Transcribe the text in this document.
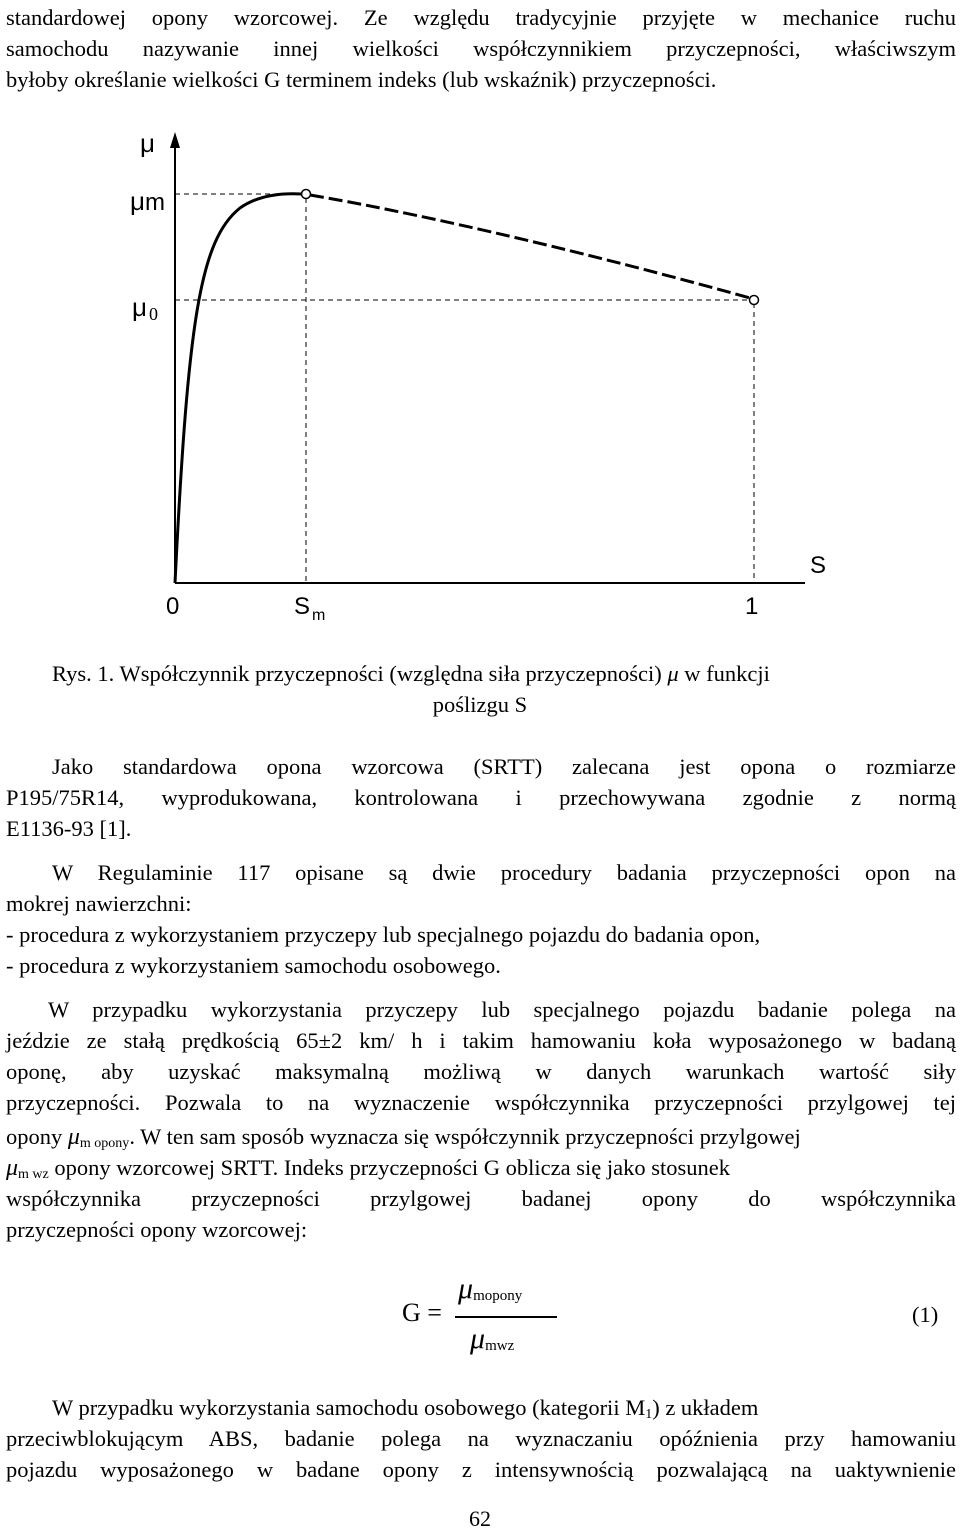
standardowej opony wzorcowej. Ze względu tradycyjnie przyjęte w mechanice ruchu
samochodu nazywanie innej wielkości współczynnikiem przyczepności, właściwszym
byłoby określanie wielkości G terminem indeks (lub wskaźnik) przyczepności.
μ
μm
μ 0
S
0	S $_m$	1
Rys. 1. Współczynnik przyczepności (względna siła przyczepności) μ w funkcji
poślizgu S
Jako standardowa opona wzorcowa (SRTT) zalecana jest opona o rozmiarze
P195/75R14, wyprodukowana, kontrolowana i przechowywana zgodnie z normą
E1136-93 [1].
W Regulaminie 117 opisane są dwie procedury badania przyczepności opon na
mokrej nawierzchni:
- procedura z wykorzystaniem przyczepy lub specjalnego pojazdu do badania opon,
- procedura z wykorzystaniem samochodu osobowego.
W przypadku wykorzystania przyczepy lub specjalnego pojazdu badanie polega na
jeździe ze stałą prędkością 65±2 km/ h i takim hamowaniu koła wyposażonego w badaną
oponę, aby uzyskać maksymalną możliwą w danych warunkach wartość siły
przyczepności. Pozwala to na wyznaczenie współczynnika przyczepności przylgowej tej
opony $\mu_{m opony}$. W ten sam sposób wyznacza się współczynnik przyczepności przylgowej
$\mu_{m wz}$ opony wzorcowej SRTT. Indeks przyczepności G oblicza się jako stosunek
współczynnika przyczepności przylgowej badanej opony do współczynnika
przyczepności opony wzorcowej:
G =
$\mu_{mopony}$
$\mu_{mwz}$
(1)
W przypadku wykorzystania samochodu osobowego (kategorii $M_1$) z układem
przeciwblokującym ABS, badanie polega na wyznaczaniu opóźnienia przy hamowaniu
pojazdu wyposażonego w badane opony z intensywnością pozwalającą na uaktywnienie
62
